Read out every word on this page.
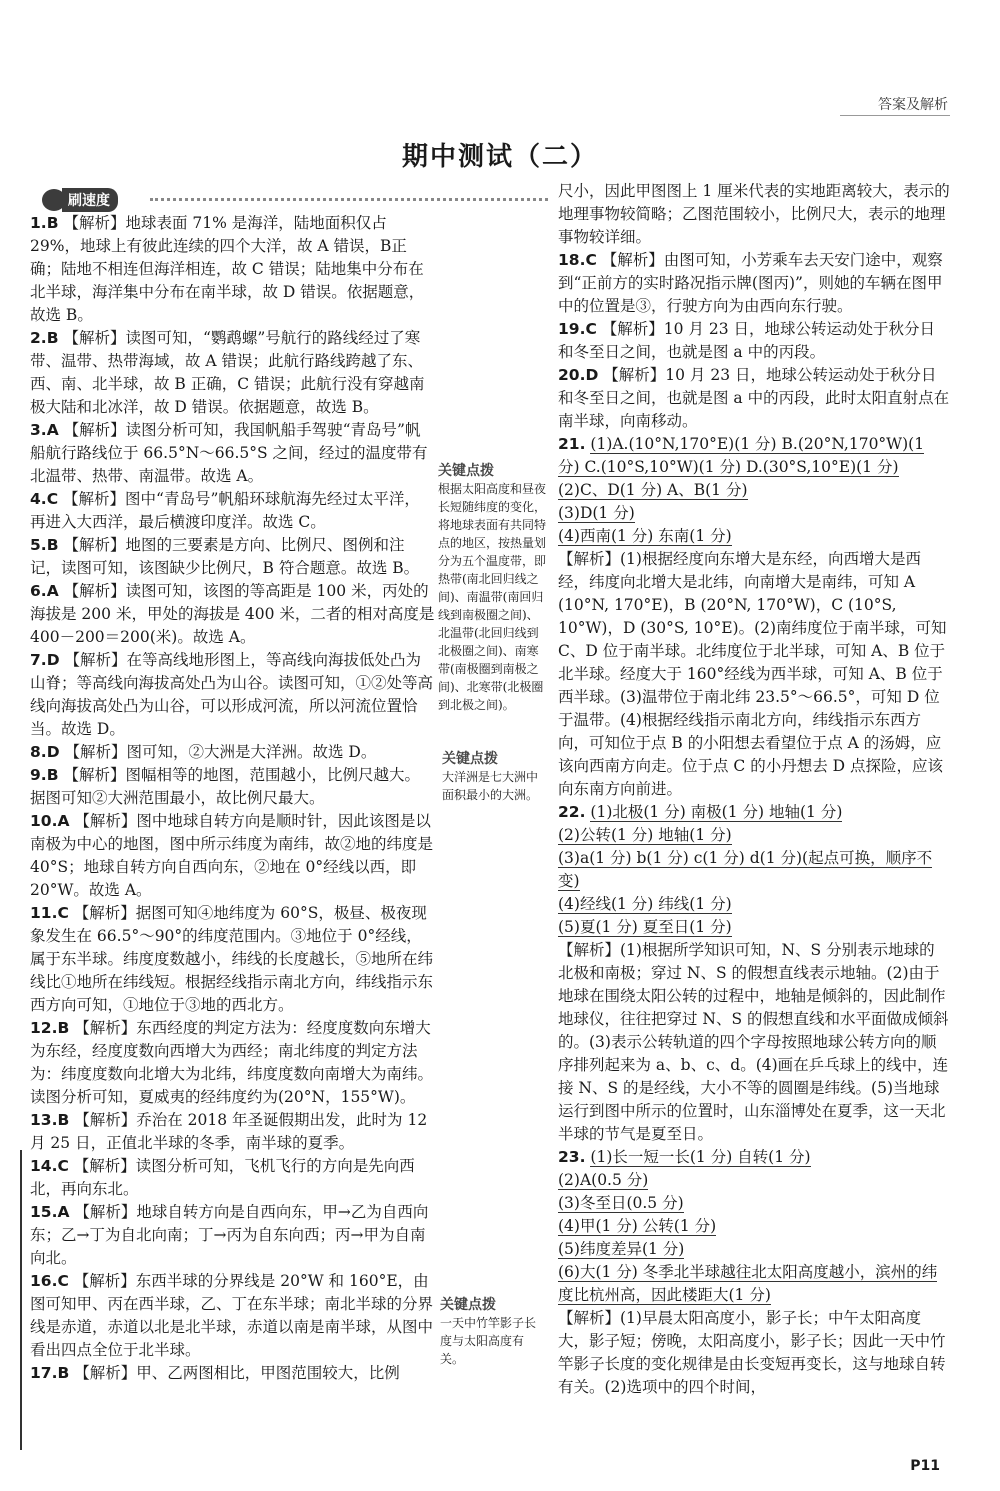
答案及解析
期中测试（二）
刷速度

1.B 【解析】地球表面 71% 是海洋，陆地面积仅占29%，地球上有彼此连续的四个大洋，故 A 错误，B正确；陆地不相连但海洋相连，故 C 错误；陆地集中分布在北半球，海洋集中分布在南半球，故 D 错误。依据题意，故选 B。

2.B 【解析】读图可知，“鹦鹉螺”号航行的路线经过了寒带、温带、热带海域，故 A 错误；此航行路线跨越了东、西、南、北半球，故 B 正确，C 错误；此航行没有穿越南极大陆和北冰洋，故 D 错误。依据题意，故选 B。

3.A 【解析】读图分析可知，我国帆船手驾驶“青岛号”帆船航行路线位于 66.5°N～66.5°S 之间，经过的温度带有北温带、热带、南温带。故选 A。

4.C 【解析】图中“青岛号”帆船环球航海先经过太平洋，再进入大西洋，最后横渡印度洋。故选 C。

5.B 【解析】地图的三要素是方向、比例尺、图例和注记，读图可知，该图缺少比例尺，B 符合题意。故选 B。

6.A 【解析】读图可知，该图的等高距是 100 米，丙处的海拔是 200 米，甲处的海拔是 400 米，二者的相对高度是 400－200＝200(米)。故选 A。

7.D 【解析】在等高线地形图上，等高线向海拔低处凸为山脊；等高线向海拔高处凸为山谷。读图可知，①②处等高线向海拔高处凸为山谷，可以形成河流，所以河流位置恰当。故选 D。

8.D 【解析】图可知，②大洲是大洋洲。故选 D。

9.B 【解析】图幅相等的地图，范围越小，比例尺越大。据图可知②大洲范围最小，故比例尺最大。

10.A 【解析】图中地球自转方向是顺时针，因此该图是以南极为中心的地图，图中所示纬度为南纬，故②地的纬度是 40°S；地球自转方向自西向东，②地在 0°经线以西，即 20°W。故选 A。

11.C 【解析】据图可知④地纬度为 60°S，极昼、极夜现象发生在 66.5°～90°的纬度范围内。③地位于 0°经线，属于东半球。纬度度数越小，纬线的长度越长，⑤地所在纬线比①地所在纬线短。根据经线指示南北方向，纬线指示东西方向可知，①地位于③地的西北方。

12.B 【解析】东西经度的判定方法为：经度度数向东增大为东经，经度度数向西增大为西经；南北纬度的判定方法为：纬度度数向北增大为北纬，纬度度数向南增大为南纬。读图分析可知，夏威夷的经纬度约为(20°N，155°W)。

13.B 【解析】乔治在 2018 年圣诞假期出发，此时为 12 月 25 日，正值北半球的冬季，南半球的夏季。

14.C 【解析】读图分析可知，飞机飞行的方向是先向西北，再向东北。

15.A 【解析】地球自转方向是自西向东，甲→乙为自西向东；乙→丁为自北向南；丁→丙为自东向西；丙→甲为自南向北。

16.C 【解析】东西半球的分界线是 20°W 和 160°E，由图可知甲、丙在西半球，乙、丁在东半球；南北半球的分界线是赤道，赤道以北是北半球，赤道以南是南半球，从图中看出四点全位于北半球。

17.B 【解析】甲、乙两图相比，甲图范围较大，比例

关键点拨
根据太阳高度和昼夜长短随纬度的变化，将地球表面有共同特点的地区，按热量划分为五个温度带，即热带(南北回归线之间)、南温带(南回归线到南极圈之间)、北温带(北回归线到北极圈之间)、南寒带(南极圈到南极之间)、北寒带(北极圈到北极之间)。
关键点拨
大洋洲是七大洲中面积最小的大洲。
关键点拨
一天中竹竿影子长度与太阳高度有关。

尺小，因此甲图图上 1 厘米代表的实地距离较大，表示的地理事物较简略；乙图范围较小，比例尺大，表示的地理事物较详细。

18.C 【解析】由图可知，小芳乘车去天安门途中，观察到“正前方的实时路况指示牌(图丙)”，则她的车辆在图甲中的位置是③，行驶方向为由西向东行驶。

19.C 【解析】10 月 23 日，地球公转运动处于秋分日和冬至日之间，也就是图 a 中的丙段。

20.D 【解析】10 月 23 日，地球公转运动处于秋分日和冬至日之间，也就是图 a 中的丙段，此时太阳直射点在南半球，向南移动。

21. (1)A.(10°N,170°E)(1 分) B.(20°N,170°W)(1 分) C.(10°S,10°W)(1 分) D.(30°S,10°E)(1 分)
(2)C、D(1 分) A、B(1 分)
(3)D(1 分)
(4)西南(1 分) 东南(1 分)

【解析】(1)根据经度向东增大是东经，向西增大是西经，纬度向北增大是北纬，向南增大是南纬，可知 A (10°N, 170°E)，B (20°N, 170°W)，C (10°S, 10°W)，D (30°S, 10°E)。(2)南纬度位于南半球，可知 C、D 位于南半球。北纬度位于北半球，可知 A、B 位于北半球。经度大于 160°经线为西半球，可知 A、B 位于西半球。(3)温带位于南北纬 23.5°～66.5°，可知 D 位于温带。(4)根据经线指示南北方向，纬线指示东西方向，可知位于点 B 的小阳想去看望位于点 A 的汤姆，应该向西南方向走。位于点 C 的小丹想去 D 点探险，应该向东南方向前进。

22. (1)北极(1 分) 南极(1 分) 地轴(1 分)
(2)公转(1 分) 地轴(1 分)
(3)a(1 分) b(1 分) c(1 分) d(1 分)(起点可换，顺序不变)
(4)经线(1 分) 纬线(1 分)
(5)夏(1 分) 夏至日(1 分)

【解析】(1)根据所学知识可知，N、S 分别表示地球的北极和南极；穿过 N、S 的假想直线表示地轴。(2)由于地球在围绕太阳公转的过程中，地轴是倾斜的，因此制作地球仪，往往把穿过 N、S 的假想直线和水平面做成倾斜的。(3)表示公转轨道的四个字母按照地球公转方向的顺序排列起来为 a、b、c、d。(4)画在乒乓球上的线中，连接 N、S 的是经线，大小不等的圆圈是纬线。(5)当地球运行到图中所示的位置时，山东淄博处在夏季，这一天北半球的节气是夏至日。

23. (1)长一短一长(1 分) 自转(1 分)
(2)A(0.5 分)
(3)冬至日(0.5 分)
(4)甲(1 分) 公转(1 分)
(5)纬度差异(1 分)
(6)大(1 分) 冬季北半球越往北太阳高度越小，滨州的纬度比杭州高，因此楼距大(1 分)

【解析】(1)早晨太阳高度小，影子长；中午太阳高度大，影子短；傍晚，太阳高度小，影子长；因此一天中竹竿影子长度的变化规律是由长变短再变长，这与地球自转有关。(2)选项中的四个时间，

P11
